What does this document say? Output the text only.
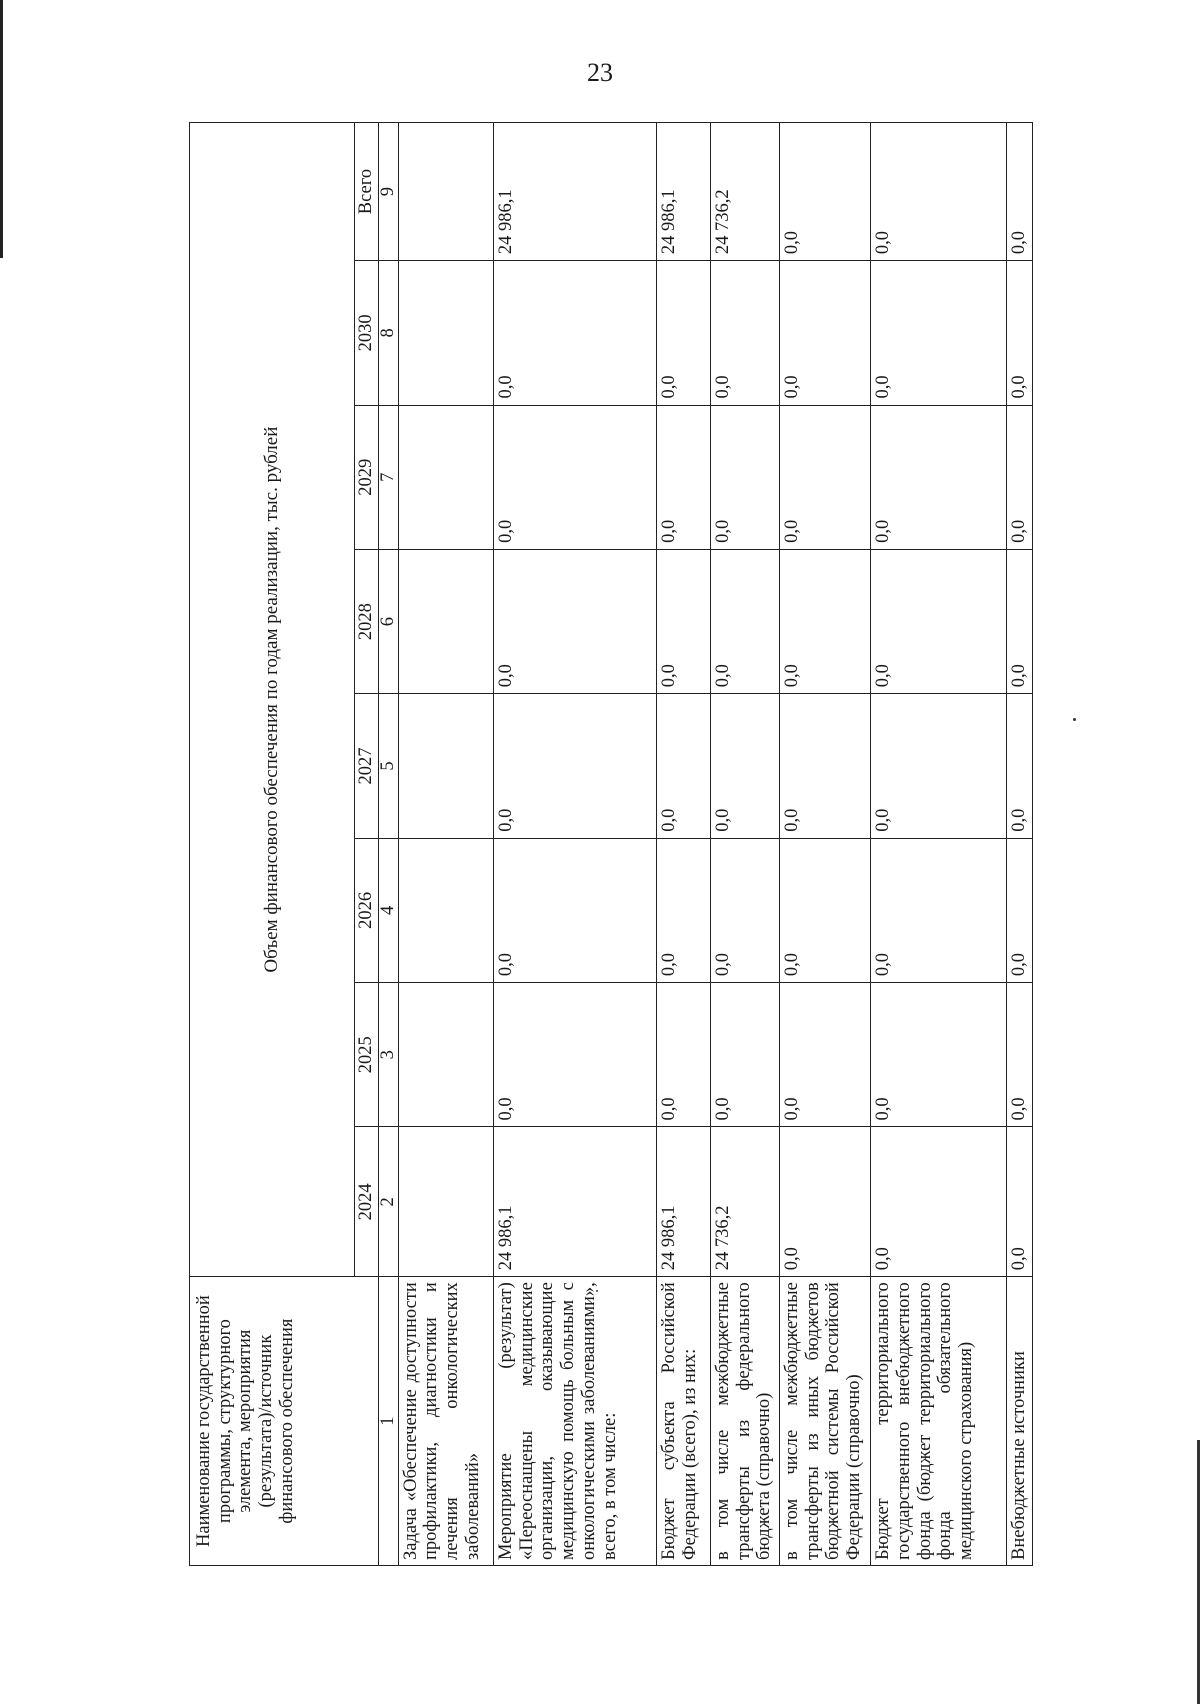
23
Наименование государственной программы, структурного элемента, мероприятия (результата)/источник финансового обеспечения	Объем финансового обеспечения по годам реализации, тыс. рублей							
	2024	2025	2026	2027	2028	2029	2030	Всего
1	2	3	4	5	6	7	8	9
Задача «Обеспечение доступности профилактики, диагностики и лечения онкологических заболеваний»								
Мероприятие (результат) «Переоснащены медицинские организации, оказывающие медицинскую помощь больным с онкологическими заболеваниями», всего, в том числе:	24 986,1	0,0	0,0	0,0	0,0	0,0	0,0	24 986,1
Бюджет субъекта Российской Федерации (всего), из них:	24 986,1	0,0	0,0	0,0	0,0	0,0	0,0	24 986,1
в том числе межбюджетные трансферты из федерального бюджета (справочно)	24 736,2	0,0	0,0	0,0	0,0	0,0	0,0	24 736,2
в том числе межбюджетные трансферты из иных бюджетов бюджетной системы Российской Федерации (справочно)	0,0	0,0	0,0	0,0	0,0	0,0	0,0	0,0
Бюджет территориального государственного внебюджетного фонда (бюджет территориального фонда обязательного медицинского страхования)	0,0	0,0	0,0	0,0	0,0	0,0	0,0	0,0
Внебюджетные источники	0,0	0,0	0,0	0,0	0,0	0,0	0,0	0,0
